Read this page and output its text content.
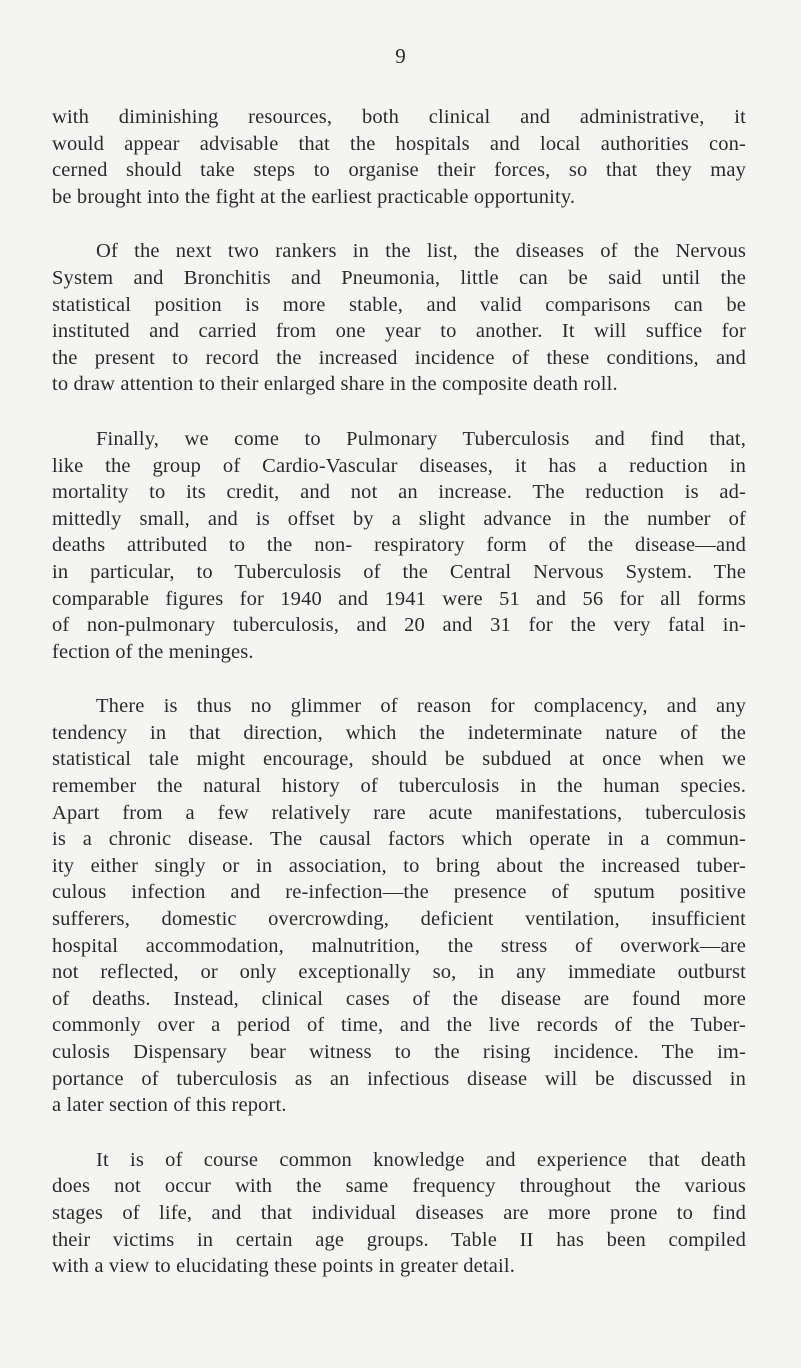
9

with diminishing resources, both clinical and administrative, it
would appear advisable that the hospitals and local authorities con-
cerned should take steps to organise their forces, so that they may
be brought into the fight at the earliest practicable opportunity.

Of the next two rankers in the list, the diseases of the Nervous
System and Bronchitis and Pneumonia, little can be said until the
statistical position is more stable, and valid comparisons can be
instituted and carried from one year to another. It will suffice for
the present to record the increased incidence of these conditions, and
to draw attention to their enlarged share in the composite death roll.

Finally, we come to Pulmonary Tuberculosis and find that,
like the group of Cardio-Vascular diseases, it has a reduction in
mortality to its credit, and not an increase. The reduction is ad-
mittedly small, and is offset by a slight advance in the number of
deaths attributed to the non- respiratory form of the disease—and
in particular, to Tuberculosis of the Central Nervous System. The
comparable figures for 1940 and 1941 were 51 and 56 for all forms
of non-pulmonary tuberculosis, and 20 and 31 for the very fatal in-
fection of the meninges.

There is thus no glimmer of reason for complacency, and any
tendency in that direction, which the indeterminate nature of the
statistical tale might encourage, should be subdued at once when we
remember the natural history of tuberculosis in the human species.
Apart from a few relatively rare acute manifestations, tuberculosis
is a chronic disease. The causal factors which operate in a commun-
ity either singly or in association, to bring about the increased tuber-
culous infection and re-infection—the presence of sputum positive
sufferers, domestic overcrowding, deficient ventilation, insufficient
hospital accommodation, malnutrition, the stress of overwork—are
not reflected, or only exceptionally so, in any immediate outburst
of deaths. Instead, clinical cases of the disease are found more
commonly over a period of time, and the live records of the Tuber-
culosis Dispensary bear witness to the rising incidence. The im-
portance of tuberculosis as an infectious disease will be discussed in
a later section of this report.

It is of course common knowledge and experience that death
does not occur with the same frequency throughout the various
stages of life, and that individual diseases are more prone to find
their victims in certain age groups. Table II has been compiled
with a view to elucidating these points in greater detail.
